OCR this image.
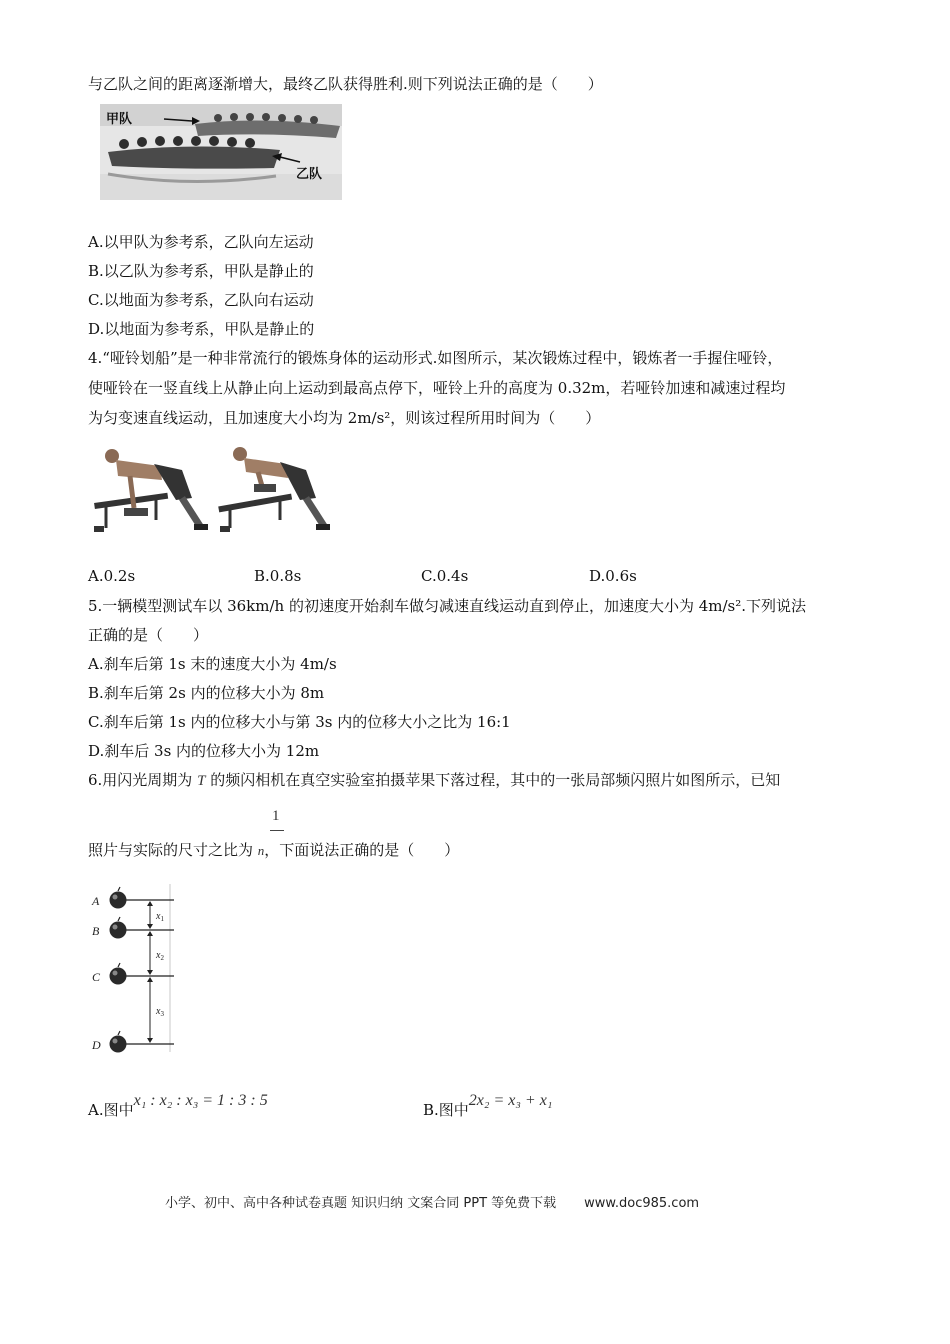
与乙队之间的距离逐渐增大，最终乙队获得胜利.则下列说法正确的是（　　）
甲队
乙队
A.以甲队为参考系，乙队向左运动
B.以乙队为参考系，甲队是静止的
C.以地面为参考系，乙队向右运动
D.以地面为参考系，甲队是静止的
4.“哑铃划船”是一种非常流行的锻炼身体的运动形式.如图所示，某次锻炼过程中，锻炼者一手握住哑铃，
使哑铃在一竖直线上从静止向上运动到最高点停下，哑铃上升的高度为 0.32m，若哑铃加速和减速过程均
为匀变速直线运动，且加速度大小均为 2m/s²，则该过程所用时间为（　　）
A.0.2s	B.0.8s	C.0.4s	D.0.6s
5.一辆模型测试车以 36km/h 的初速度开始刹车做匀减速直线运动直到停止，加速度大小为 4m/s².下列说法
正确的是（　　）
A.刹车后第 1s 末的速度大小为 4m/s
B.刹车后第 2s 内的位移大小为 8m
C.刹车后第 1s 内的位移大小与第 3s 内的位移大小之比为 16:1
D.刹车后 3s 内的位移大小为 12m
6.用闪光周期为 T 的频闪相机在真空实验室拍摄苹果下落过程，其中的一张局部频闪照片如图所示，已知
1
照片与实际的尺寸之比为 n，下面说法正确的是（　　）
A
B
C
D
$x_1$
$x_2$
$x_3$
A.图中x₁ : x₂ : x₃ = 1 : 3 : 5
B.图中2x₂ = x₃ + x₁
小学、初中、高中各种试卷真题 知识归纳 文案合同 PPT 等免费下载 www.doc985.com
